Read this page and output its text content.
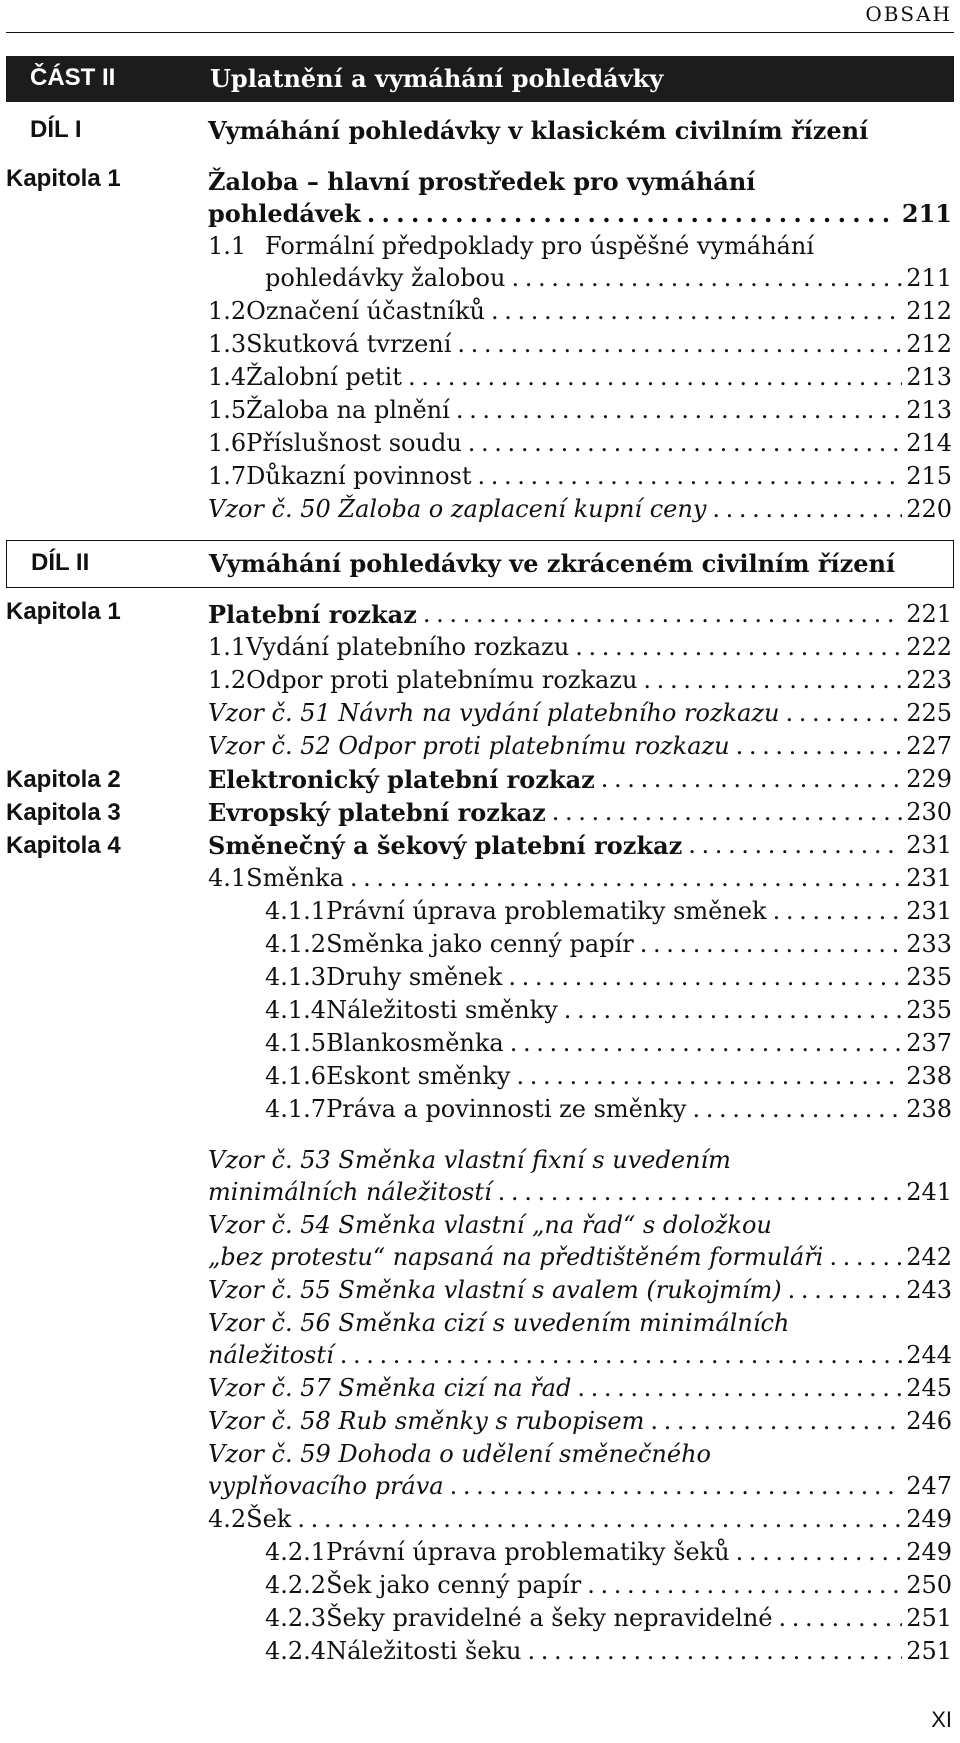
OBSAH
ČÁST II	Uplatnění a vymáhání pohledávky
DÍL I	Vymáhání pohledávky v klasickém civilním řízení
Kapitola 1	Žaloba – hlavní prostředek pro vymáhání
pohledávek . . .	211
1.1 Formální předpoklady pro úspěšné vymáhání
pohledávky žalobou . . .	211
1.2 Označení účastníků . . .	212
1.3 Skutková tvrzení . . .	212
1.4 Žalobní petit . . .	213
1.5 Žaloba na plnění . . .	213
1.6 Příslušnost soudu . . .	214
1.7 Důkazní povinnost . . .	215
Vzor č. 50 Žaloba o zaplacení kupní ceny . . .	220
DÍL II	Vymáhání pohledávky ve zkráceném civilním řízení
Kapitola 1	Platební rozkaz . . .	221
1.1 Vydání platebního rozkazu . . .	222
1.2 Odpor proti platebnímu rozkazu . . .	223
Vzor č. 51 Návrh na vydání platebního rozkazu . . .	225
Vzor č. 52 Odpor proti platebnímu rozkazu . . .	227
Kapitola 2	Elektronický platební rozkaz . . .	229
Kapitola 3	Evropský platební rozkaz . . .	230
Kapitola 4	Směnečný a šekový platební rozkaz . . .	231
4.1 Směnka . . .	231
4.1.1 Právní úprava problematiky směnek . . .	231
4.1.2 Směnka jako cenný papír . . .	233
4.1.3 Druhy směnek . . .	235
4.1.4 Náležitosti směnky . . .	235
4.1.5 Blankosměnka . . .	237
4.1.6 Eskont směnky . . .	238
4.1.7 Práva a povinnosti ze směnky . . .	238
Vzor č. 53 Směnka vlastní fixní s uvedením
minimálních náležitostí . . .	241
Vzor č. 54 Směnka vlastní „na řad“ s doložkou
„bez protestu“ napsaná na předtištěném formuláři . . .	242
Vzor č. 55 Směnka vlastní s avalem (rukojmím) . . .	243
Vzor č. 56 Směnka cizí s uvedením minimálních
náležitostí . . .	244
Vzor č. 57 Směnka cizí na řad . . .	245
Vzor č. 58 Rub směnky s rubopisem . . .	246
Vzor č. 59 Dohoda o udělení směnečného
vyplňovacího práva . . .	247
4.2 Šek . . .	249
4.2.1 Právní úprava problematiky šeků . . .	249
4.2.2 Šek jako cenný papír . . .	250
4.2.3 Šeky pravidelné a šeky nepravidelné . . .	251
4.2.4 Náležitosti šeku . . .	251
XI
